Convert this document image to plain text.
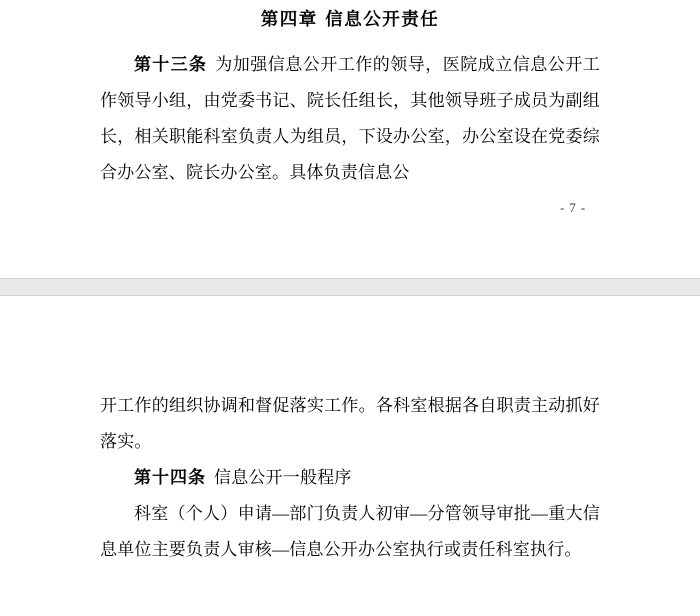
第四章 信息公开责任

第十三条 为加强信息公开工作的领导，医院成立信息公开工作领导小组，由党委书记、院长任组长，其他领导班子成员为副组长，相关职能科室负责人为组员，下设办公室，办公室设在党委综合办公室、院长办公室。具体负责信息公

- 7 -

开工作的组织协调和督促落实工作。各科室根据各自职责主动抓好落实。

第十四条 信息公开一般程序

科室（个人）申请—部门负责人初审—分管领导审批—重大信息单位主要负责人审核—信息公开办公室执行或责任科室执行。
